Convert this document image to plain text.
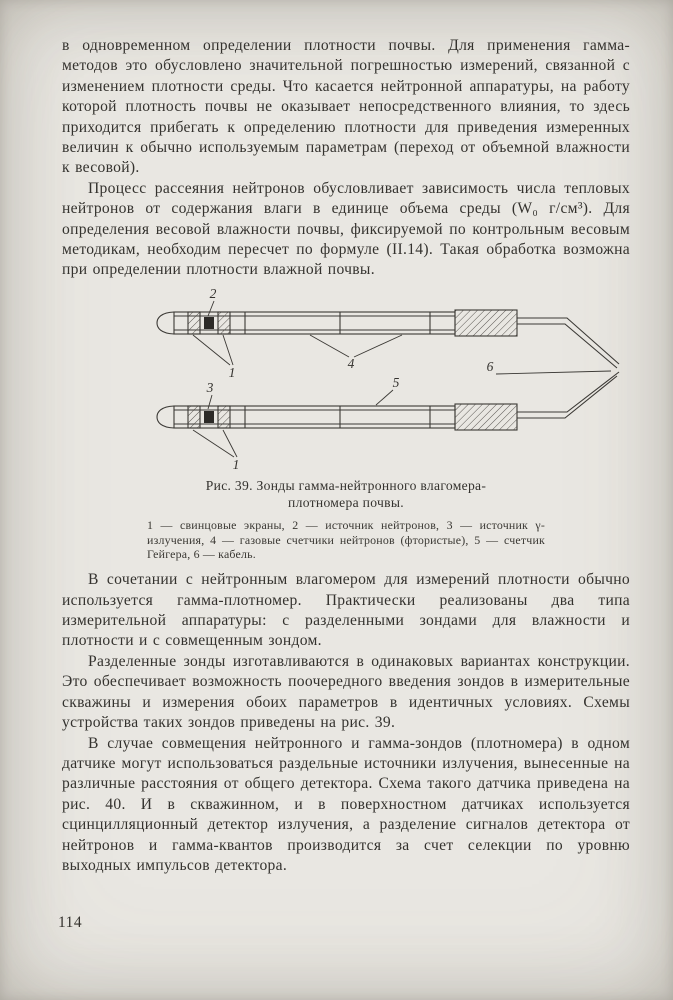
в одновременном определении плотности почвы. Для применения гамма-методов это обусловлено значительной погрешностью измерений, связанной с изменением плотности среды. Что касается нейтронной аппаратуры, на работу которой плотность почвы не оказывает непосредственного влияния, то здесь приходится прибегать к определению плотности для приведения измеренных величин к обычно используемым параметрам (переход от объемной влажности к весовой).

Процесс рассеяния нейтронов обусловливает зависимость числа тепловых нейтронов от содержания влаги в единице объема среды (W₀ г/см³). Для определения весовой влажности почвы, фиксируемой по контрольным весовым методикам, необходим пересчет по формуле (II.14). Такая обработка возможна при определении плотности влажной почвы.

2
1
4
3	5
6
1
Рис. 39. Зонды гамма-нейтронного влагомера-плотномера почвы.
1 — свинцовые экраны, 2 — источник нейтронов, 3 — источник γ-излучения, 4 — газовые счетчики нейтронов (фтористые), 5 — счетчик Гейгера, 6 — кабель.

В сочетании с нейтронным влагомером для измерений плотности обычно используется гамма-плотномер. Практически реализованы два типа измерительной аппаратуры: с разделенными зондами для влажности и плотности и с совмещенным зондом.

Разделенные зонды изготавливаются в одинаковых вариантах конструкции. Это обеспечивает возможность поочередного введения зондов в измерительные скважины и измерения обоих параметров в идентичных условиях. Схемы устройства таких зондов приведены на рис. 39.

В случае совмещения нейтронного и гамма-зондов (плотномера) в одном датчике могут использоваться раздельные источники излучения, вынесенные на различные расстояния от общего детектора. Схема такого датчика приведена на рис. 40. И в скважинном, и в поверхностном датчиках используется сцинцилляционный детектор излучения, а разделение сигналов детектора от нейтронов и гамма-квантов производится за счет селекции по уровню выходных импульсов детектора.

114
